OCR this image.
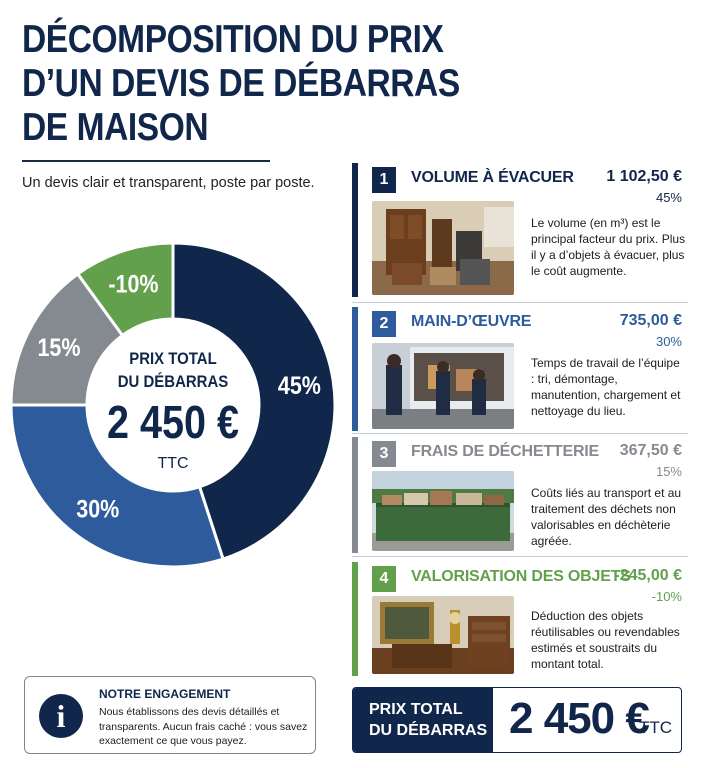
DÉCOMPOSITION DU PRIX
D’UN DEVIS DE DÉBARRAS
DE MAISON
Un devis clair et transparent, poste par poste.
45%
30%
15%
-10%
PRIX TOTAL
DU DÉBARRAS
2 450 €
TTC
1	VOLUME À ÉVACUER 1 102,50 €
45%
Le volume (en m³) est le principal facteur du prix. Plus il y a d’objets à évacuer, plus le coût augmente.
2	MAIN-D’ŒUVRE	735,00 €
30%
Temps de travail de l’équipe : tri, démontage, manutention, chargement et nettoyage du lieu.
3	FRAIS DE DÉCHETTERIE 367,50 €
15%
Coûts liés au transport et au traitement des déchets non valorisables en déchèterie agréée.
4	VALORISATION DES OBJETS
-245,00 €
-10%
Déduction des objets réutilisables ou revendables estimés et soustraits du montant total.
i
NOTRE ENGAGEMENT
Nous établissons des devis détaillés et transparents. Aucun frais caché : vous savez exactement ce que vous payez.
PRIX TOTAL
DU DÉBARRAS 2 450 €
TTC
